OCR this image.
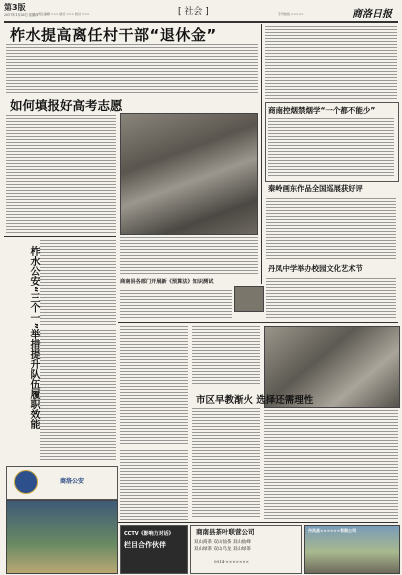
第3版
2017年1月26日 星期四 责任编辑 ××× 版式 ××× 校对 ×××	[ 社会 ]	专刊热线 ×××××	商洛日报
柞水提高离任村干部“退休金”
如何填报好高考志愿	商南控烟禁烟学“一个都不能少”
秦岭画东作品全国巡展获好评
丹凤中学举办校园文化艺术节
商南县各部门开展新《预算法》知识测试
柞水公安“三个一”举措提升队伍履职效能
商洛公安
市区早教渐火 选择还需理性
CCTV《影响力对话》
栏目合作伙伴
商南县茶叶联营公司
双山商茶 双山仙茶 双山仙峰
双山绿茶 双山乌龙 双山绿茶
0914-×××××××
丹凤县××××××有限公司
